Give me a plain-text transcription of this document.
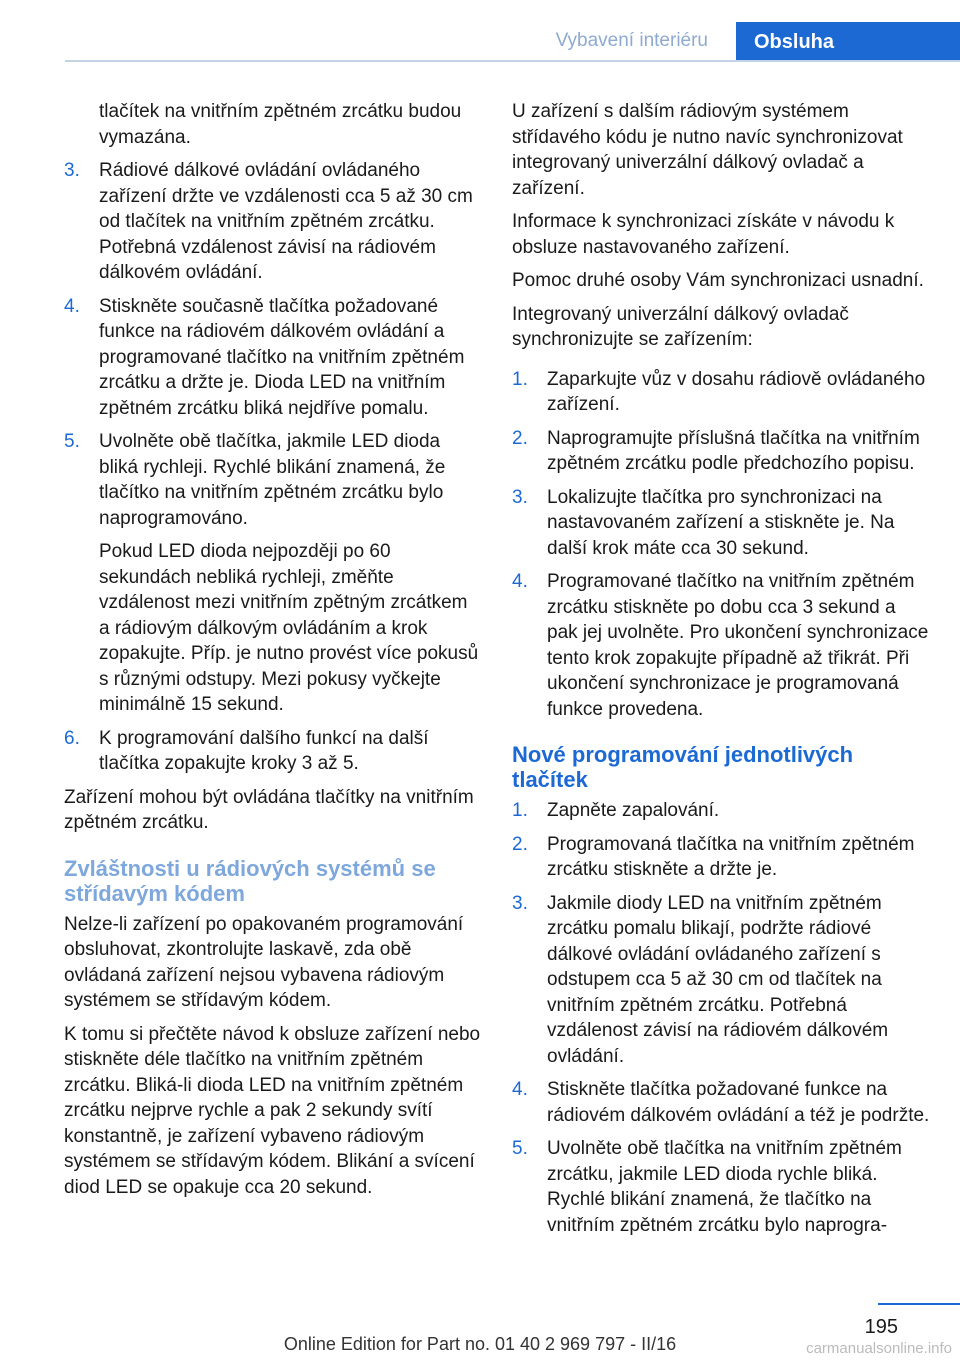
Vybavení interiéru	Obsluha

tlačítek na vnitřním zpětném zrcátku budou vymazána.

3. Rádiové dálkové ovládání ovládaného zařízení držte ve vzdálenosti cca 5 až 30 cm od tlačítek na vnitřním zpětném zrcátku. Potřebná vzdálenost závisí na rádiovém dálkovém ovládání.
4. Stiskněte současně tlačítka požadované funkce na rádiovém dálkovém ovládání a programované tlačítko na vnitřním zpětném zrcátku a držte je. Dioda LED na vnitřním zpětném zrcátku bliká nejdříve pomalu.
5. Uvolněte obě tlačítka, jakmile LED dioda bliká rychleji. Rychlé blikání znamená, že tlačítko na vnitřním zpětném zrcátku bylo naprogramováno.
Pokud LED dioda nejpozději po 60 sekundách nebliká rychleji, změňte vzdálenost mezi vnitřním zpětným zrcátkem a rádiovým dálkovým ovládáním a krok zopakujte. Příp. je nutno provést více pokusů s různými odstupy. Mezi pokusy vyčkejte minimálně 15 sekund.
6. K programování dalšího funkcí na další tlačítka zopakujte kroky 3 až 5.

Zařízení mohou být ovládána tlačítky na vnitřním zpětném zrcátku.

Zvláštnosti u rádiových systémů se střídavým kódem

Nelze-li zařízení po opakovaném programování obsluhovat, zkontrolujte laskavě, zda obě ovládaná zařízení nejsou vybavena rádiovým systémem se střídavým kódem.

K tomu si přečtěte návod k obsluze zařízení nebo stiskněte déle tlačítko na vnitřním zpětném zrcátku. Bliká-li dioda LED na vnitřním zpětném zrcátku nejprve rychle a pak 2 sekundy svítí konstantně, je zařízení vybaveno rádiovým systémem se střídavým kódem. Blikání a svícení diod LED se opakuje cca 20 sekund.

U zařízení s dalším rádiovým systémem střídavého kódu je nutno navíc synchronizovat integrovaný univerzální dálkový ovladač a zařízení.

Informace k synchronizaci získáte v návodu k obsluze nastavovaného zařízení.

Pomoc druhé osoby Vám synchronizaci usnadní.

Integrovaný univerzální dálkový ovladač synchronizujte se zařízením:

1. Zaparkujte vůz v dosahu rádiově ovládaného zařízení.
2. Naprogramujte příslušná tlačítka na vnitřním zpětném zrcátku podle předchozího popisu.
3. Lokalizujte tlačítka pro synchronizaci na nastavovaném zařízení a stiskněte je. Na další krok máte cca 30 sekund.
4. Programované tlačítko na vnitřním zpětném zrcátku stiskněte po dobu cca 3 sekund a pak jej uvolněte. Pro ukončení synchronizace tento krok zopakujte případně až třikrát. Při ukončení synchronizace je programovaná funkce provedena.
Nové programování jednotlivých tlačítek
1. Zapněte zapalování.
2. Programovaná tlačítka na vnitřním zpětném zrcátku stiskněte a držte je.
3. Jakmile diody LED na vnitřním zpětném zrcátku pomalu blikají, podržte rádiové dálkové ovládání ovládaného zařízení s odstupem cca 5 až 30 cm od tlačítek na vnitřním zpětném zrcátku. Potřebná vzdálenost závisí na rádiovém dálkovém ovládání.
4. Stiskněte tlačítka požadované funkce na rádiovém dálkovém ovládání a též je podržte.
5. Uvolněte obě tlačítka na vnitřním zpětném zrcátku, jakmile LED dioda rychle bliká. Rychlé blikání znamená, že tlačítko na vnitřním zpětném zrcátku bylo naprogra-
195
Online Edition for Part no. 01 40 2 969 797 - II/16	carmanualsonline.info
